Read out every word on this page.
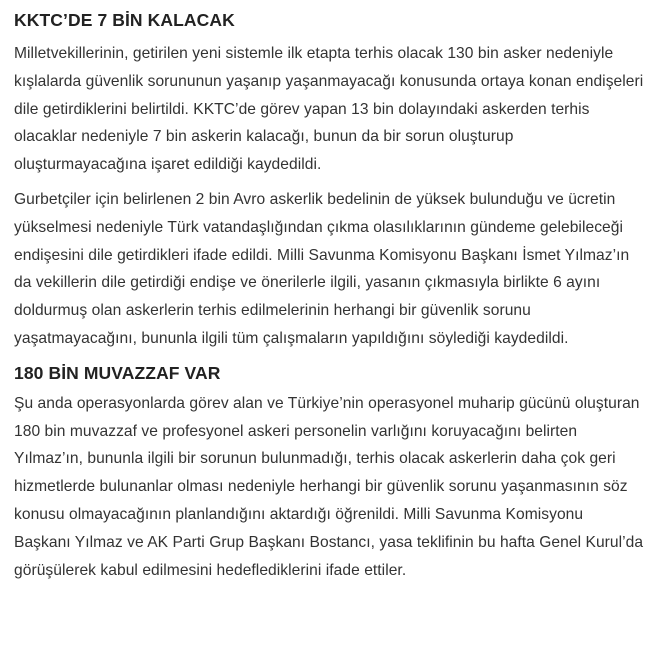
KKTC’DE 7 BİN KALACAK

Milletvekillerinin, getirilen yeni sistemle ilk etapta terhis olacak 130 bin asker nedeniyle kışlalarda güvenlik sorununun yaşanıp yaşanmayacağı konusunda ortaya konan endişeleri dile getirdiklerini belirtildi. KKTC’de görev yapan 13 bin dolayındaki askerden terhis olacaklar nedeniyle 7 bin askerin kalacağı, bunun da bir sorun oluşturup oluşturmayacağına işaret edildiği kaydedildi.

Gurbetçiler için belirlenen 2 bin Avro askerlik bedelinin de yüksek bulunduğu ve ücretin yükselmesi nedeniyle Türk vatandaşlığından çıkma olasılıklarının gündeme gelebileceği endişesini dile getirdikleri ifade edildi. Milli Savunma Komisyonu Başkanı İsmet Yılmaz’ın da vekillerin dile getirdiği endişe ve önerilerle ilgili, yasanın çıkmasıyla birlikte 6 ayını doldurmuş olan askerlerin terhis edilmelerinin herhangi bir güvenlik sorunu yaşatmayacağını, bununla ilgili tüm çalışmaların yapıldığını söylediği kaydedildi.

180 BİN MUVAZZAF VAR

Şu anda operasyonlarda görev alan ve Türkiye’nin operasyonel muharip gücünü oluşturan 180 bin muvazzaf ve profesyonel askeri personelin varlığını koruyacağını belirten Yılmaz’ın, bununla ilgili bir sorunun bulunmadığı, terhis olacak askerlerin daha çok geri hizmetlerde bulunanlar olması nedeniyle herhangi bir güvenlik sorunu yaşanmasının söz konusu olmayacağının planlandığını aktardığı öğrenildi. Milli Savunma Komisyonu Başkanı Yılmaz ve AK Parti Grup Başkanı Bostancı, yasa teklifinin bu hafta Genel Kurul’da görüşülerek kabul edilmesini hedeflediklerini ifade ettiler.
